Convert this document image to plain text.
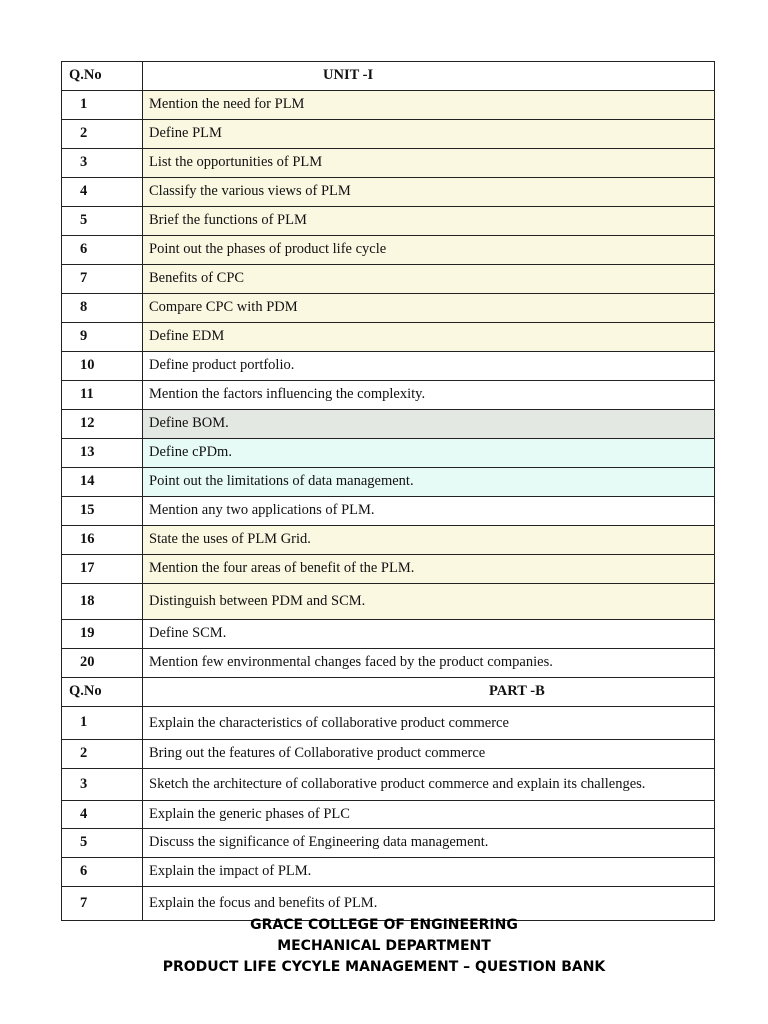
Q.No	UNIT -I
1	Mention the need for PLM
2	Define PLM
3	List the opportunities of PLM
4	Classify the various views of PLM
5	Brief the functions of PLM
6	Point out the phases of product life cycle
7	Benefits of CPC
8	Compare CPC with PDM
9	Define EDM
10	Define product portfolio.
11	Mention the factors influencing the complexity.
12	Define BOM.
13	Define cPDm.
14	Point out the limitations of data management.
15	Mention any two applications of PLM.
16	State the uses of PLM Grid.
17	Mention the four areas of benefit of the PLM.
18	Distinguish between PDM and SCM.
19	Define SCM.
20	Mention few environmental changes faced by the product companies.
Q.No	PART -B
1	Explain the characteristics of collaborative product commerce
2	Bring out the features of Collaborative product commerce
3	Sketch the architecture of collaborative product commerce and explain its challenges.
4	Explain the generic phases of PLC
5	Discuss the significance of Engineering data management.
6	Explain the impact of PLM.
7	Explain the focus and benefits of PLM.
GRACE COLLEGE OF ENGINEERING
MECHANICAL DEPARTMENT
PRODUCT LIFE CYCYLE MANAGEMENT – QUESTION BANK
